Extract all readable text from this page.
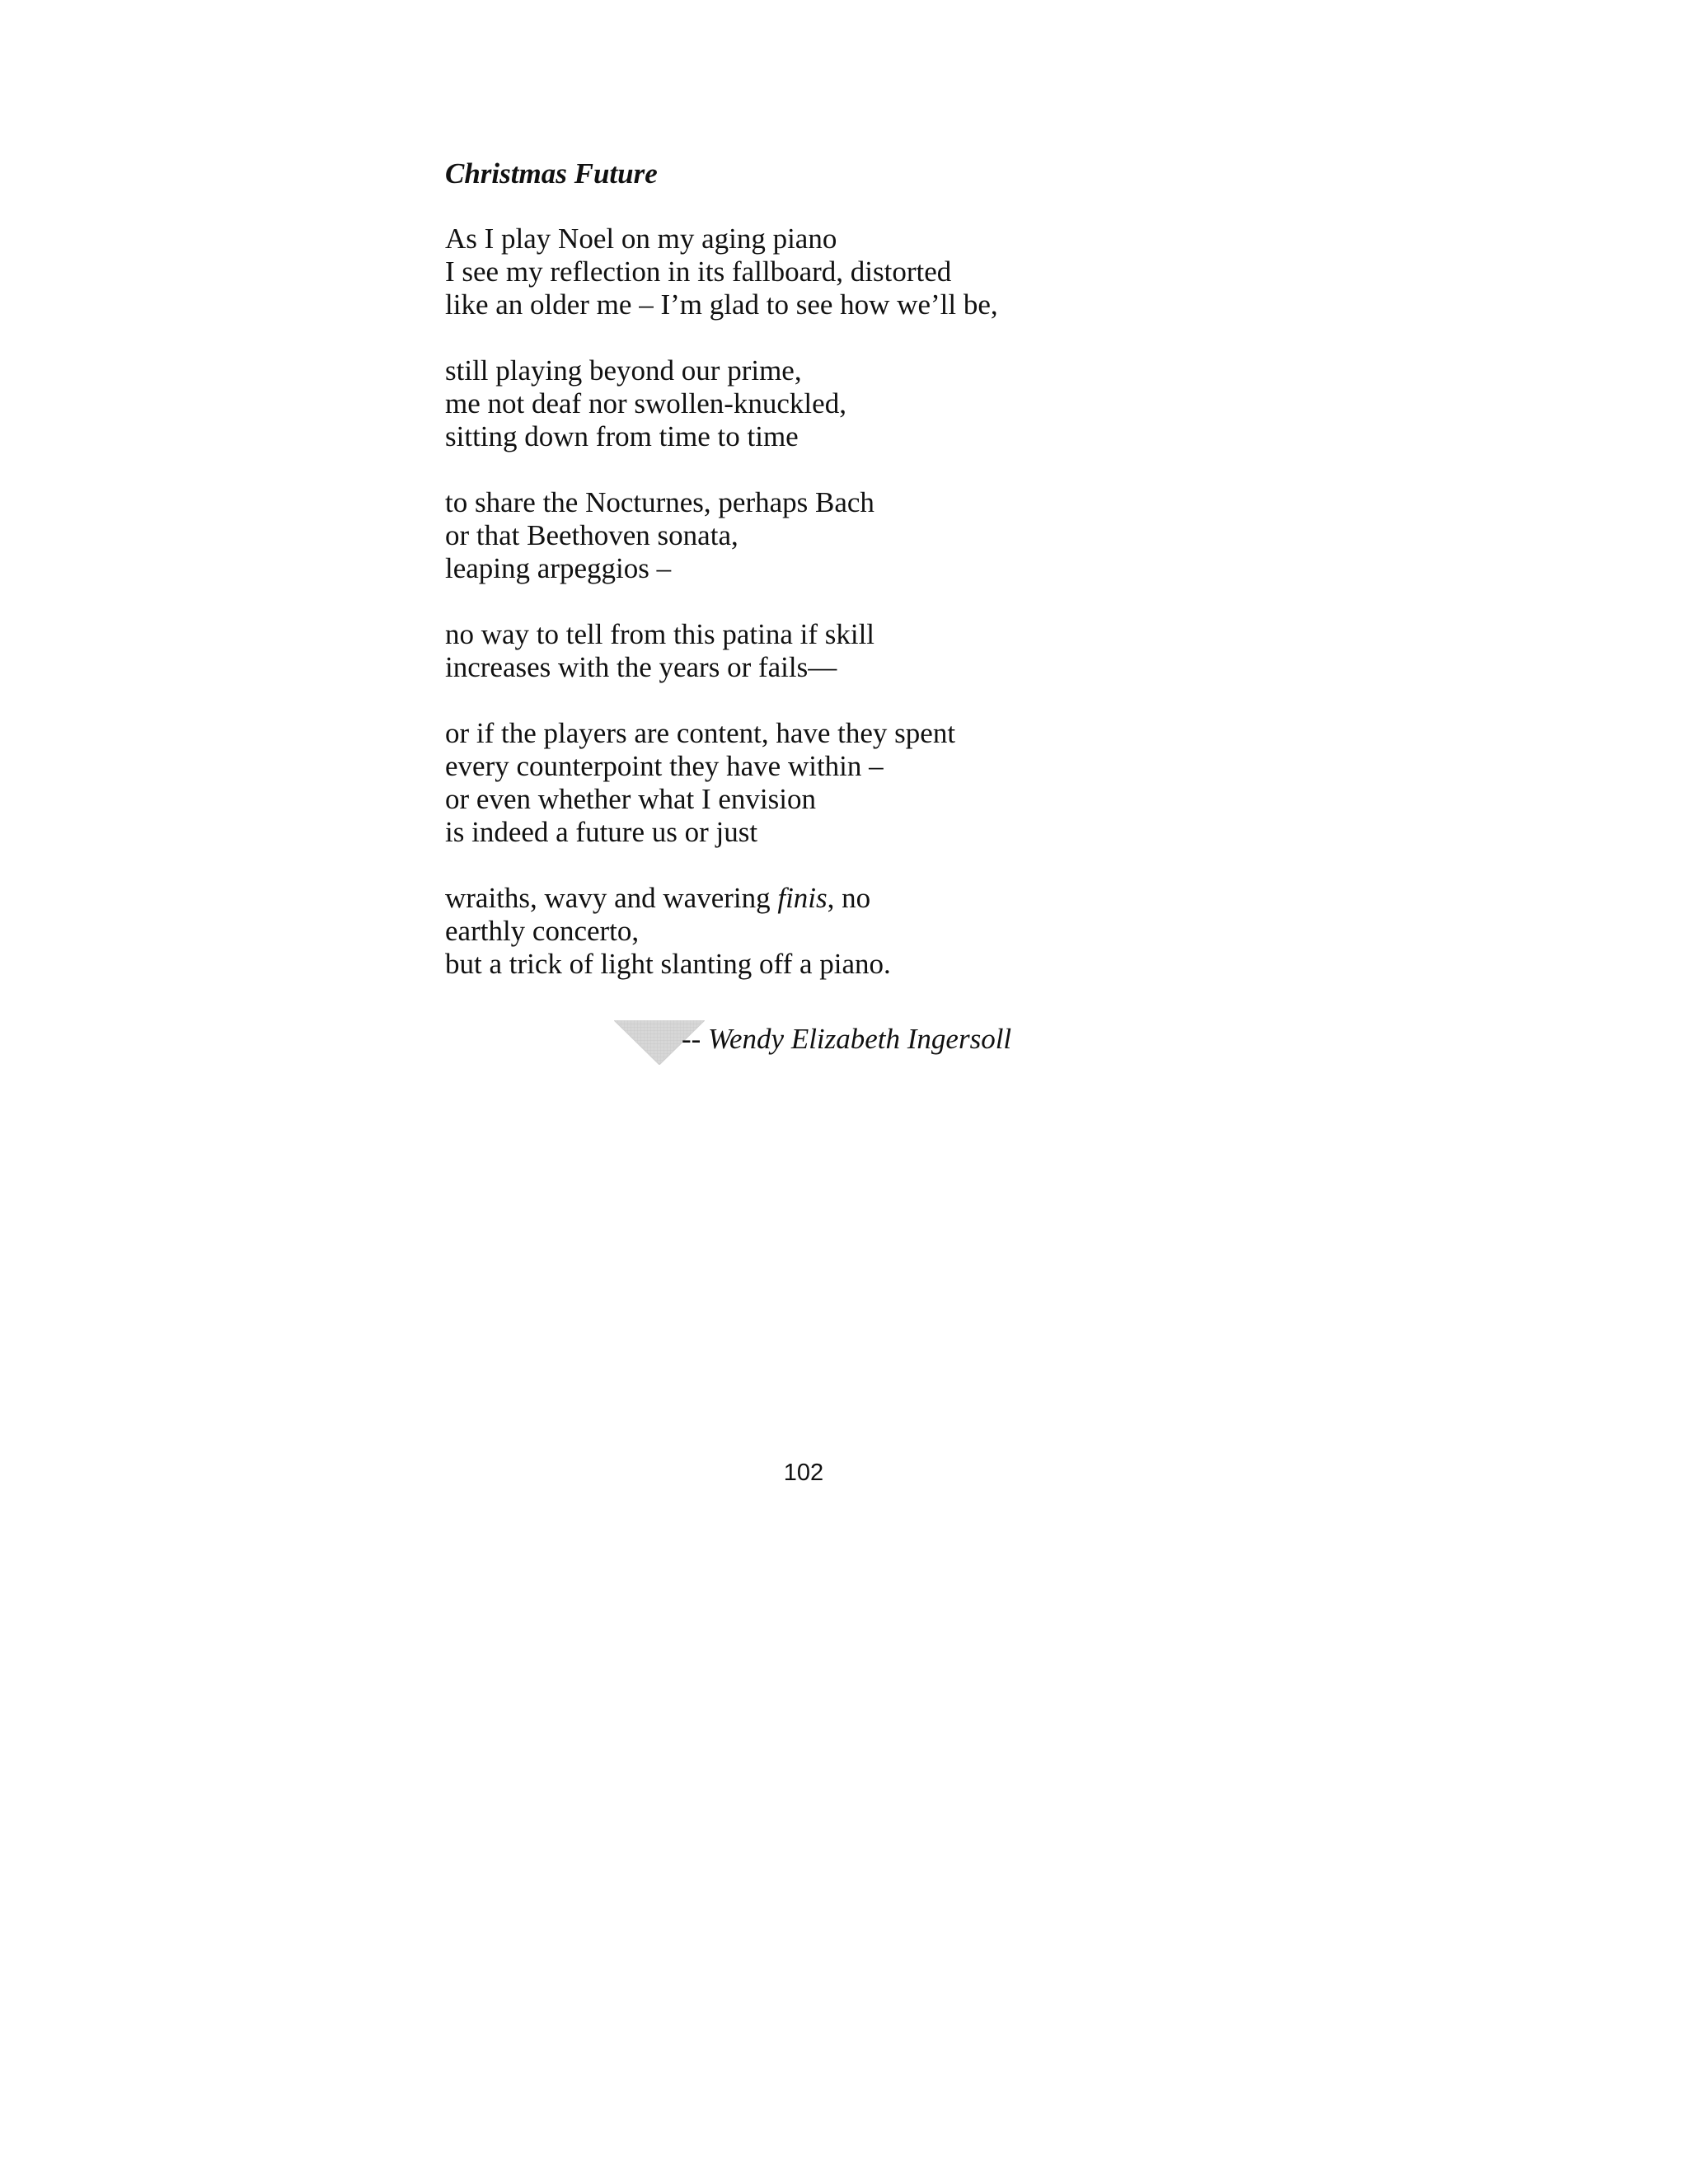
Christmas Future
As I play Noel on my aging piano
I see my reflection in its fallboard, distorted
like an older me – I’m glad to see how we’ll be,
still playing beyond our prime,
me not deaf nor swollen-knuckled,
sitting down from time to time
to share the Nocturnes, perhaps Bach
or that Beethoven sonata,
leaping arpeggios –
no way to tell from this patina if skill
increases with the years or fails—
or if the players are content, have they spent
every counterpoint they have within –
or even whether what I envision
is indeed a future us or just
wraiths, wavy and wavering finis, no
earthly concerto,
but a trick of light slanting off a piano.
-- Wendy Elizabeth Ingersoll
102
